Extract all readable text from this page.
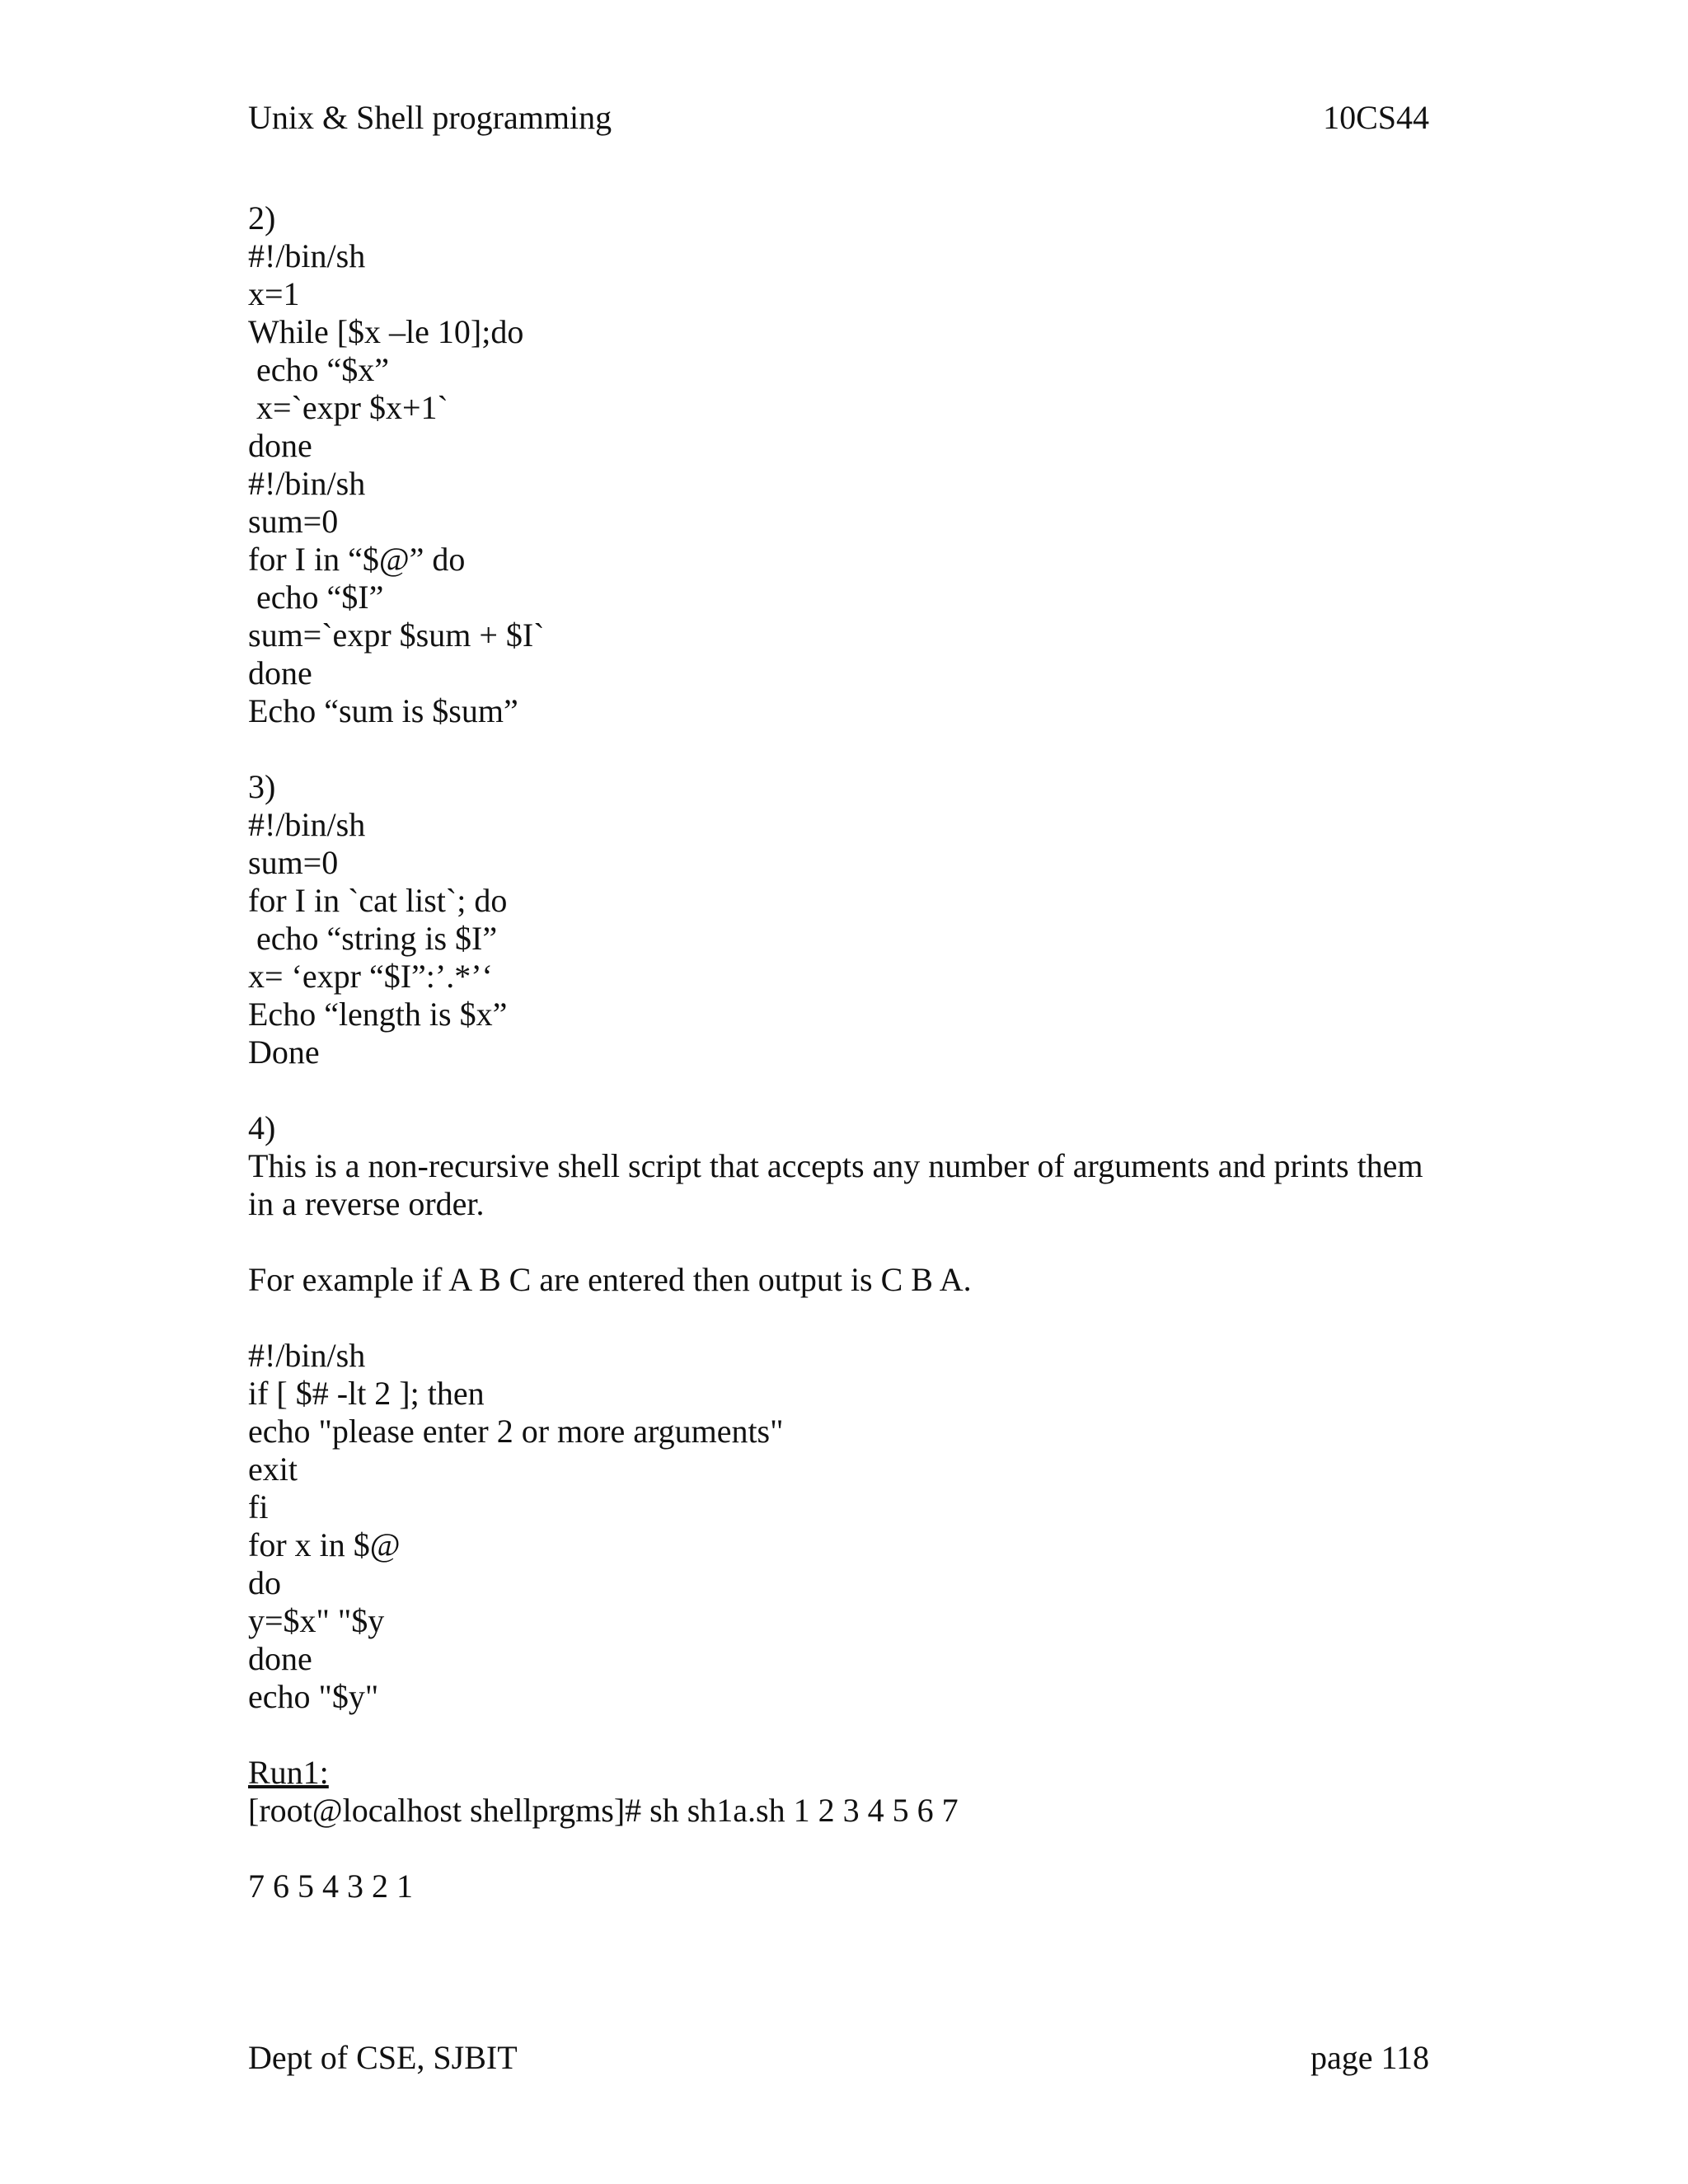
Unix & Shell programming	10CS44
2)
#!/bin/sh
x=1
While [$x –le 10];do
echo “$x”
x=`expr $x+1`
done
#!/bin/sh
sum=0
for I in “$@” do
echo “$I”
sum=`expr $sum + $I`
done
Echo “sum is $sum”
3)
#!/bin/sh
sum=0
for I in `cat list`; do
echo “string is $I”
x= ‘expr “$I”:’.*’‘
Echo “length is $x”
Done
4)
This is a non-recursive shell script that accepts any number of arguments and prints them in a reverse order.
For example if A B C are entered then output is C B A.
#!/bin/sh
if [ $# -lt 2 ]; then
echo "please enter 2 or more arguments"
exit
fi
for x in $@
do
y=$x" "$y
done
echo "$y"
Run1:
[root@localhost shellprgms]# sh sh1a.sh 1 2 3 4 5 6 7
7 6 5 4 3 2 1
Dept of CSE, SJBIT	page 118
